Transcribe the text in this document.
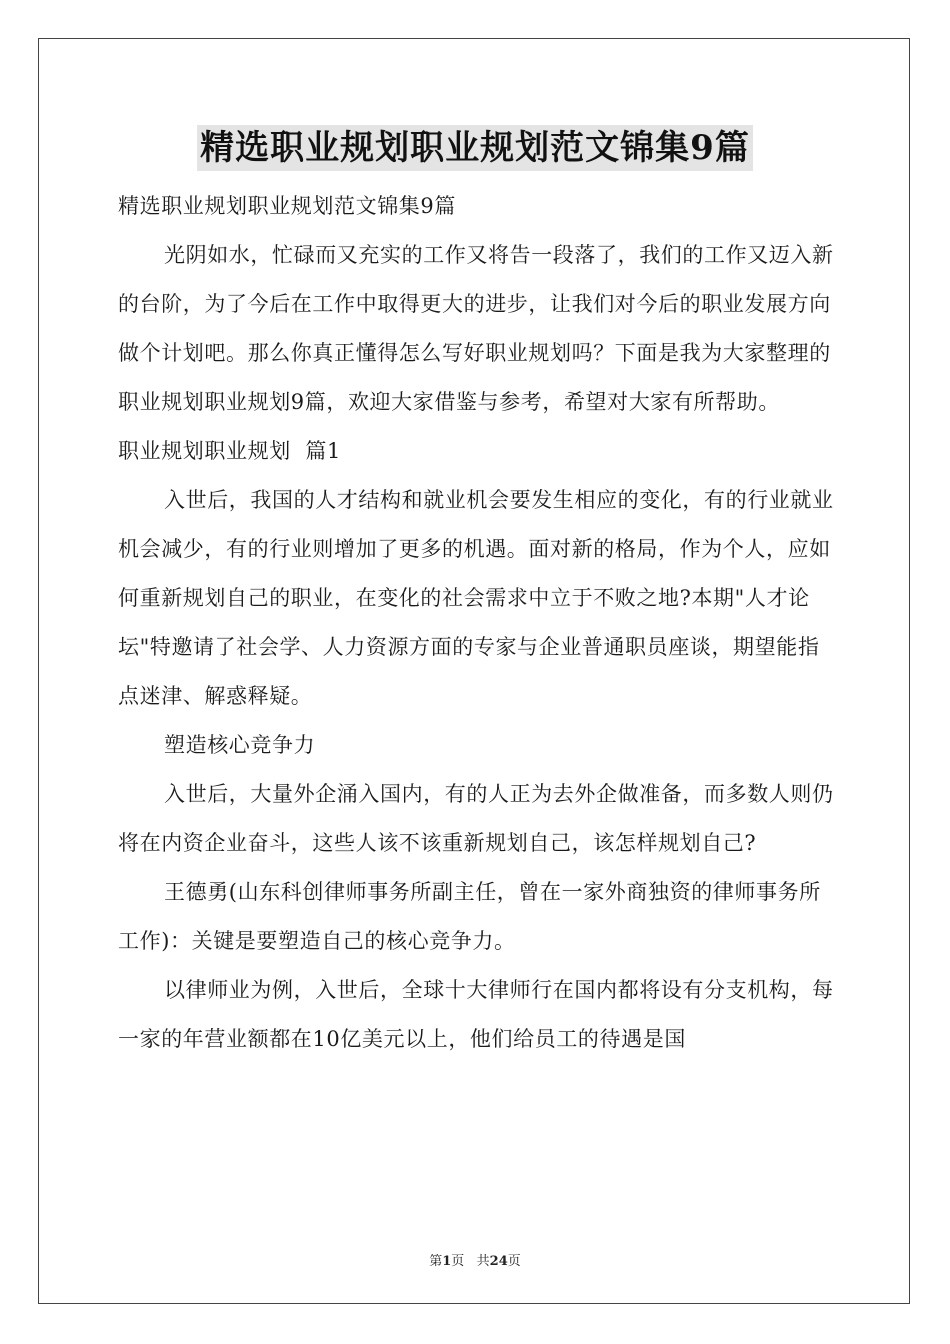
精选职业规划职业规划范文锦集9篇

精选职业规划职业规划范文锦集9篇

光阴如水，忙碌而又充实的工作又将告一段落了，我们的工作又迈入新的台阶，为了今后在工作中取得更大的进步，让我们对今后的职业发展方向做个计划吧。那么你真正懂得怎么写好职业规划吗？下面是我为大家整理的职业规划职业规划9篇，欢迎大家借鉴与参考，希望对大家有所帮助。

职业规划职业规划  篇1

入世后，我国的人才结构和就业机会要发生相应的变化，有的行业就业机会减少，有的行业则增加了更多的机遇。面对新的格局，作为个人，应如何重新规划自己的职业，在变化的社会需求中立于不败之地?本期"人才论坛"特邀请了社会学、人力资源方面的专家与企业普通职员座谈，期望能指点迷津、解惑释疑。

塑造核心竞争力

入世后，大量外企涌入国内，有的人正为去外企做准备，而多数人则仍将在内资企业奋斗，这些人该不该重新规划自己，该怎样规划自己?

王德勇(山东科创律师事务所副主任，曾在一家外商独资的律师事务所工作)：关键是要塑造自己的核心竞争力。

以律师业为例，入世后，全球十大律师行在国内都将设有分支机构，每一家的年营业额都在10亿美元以上，他们给员工的待遇是国

第1页   共24页
